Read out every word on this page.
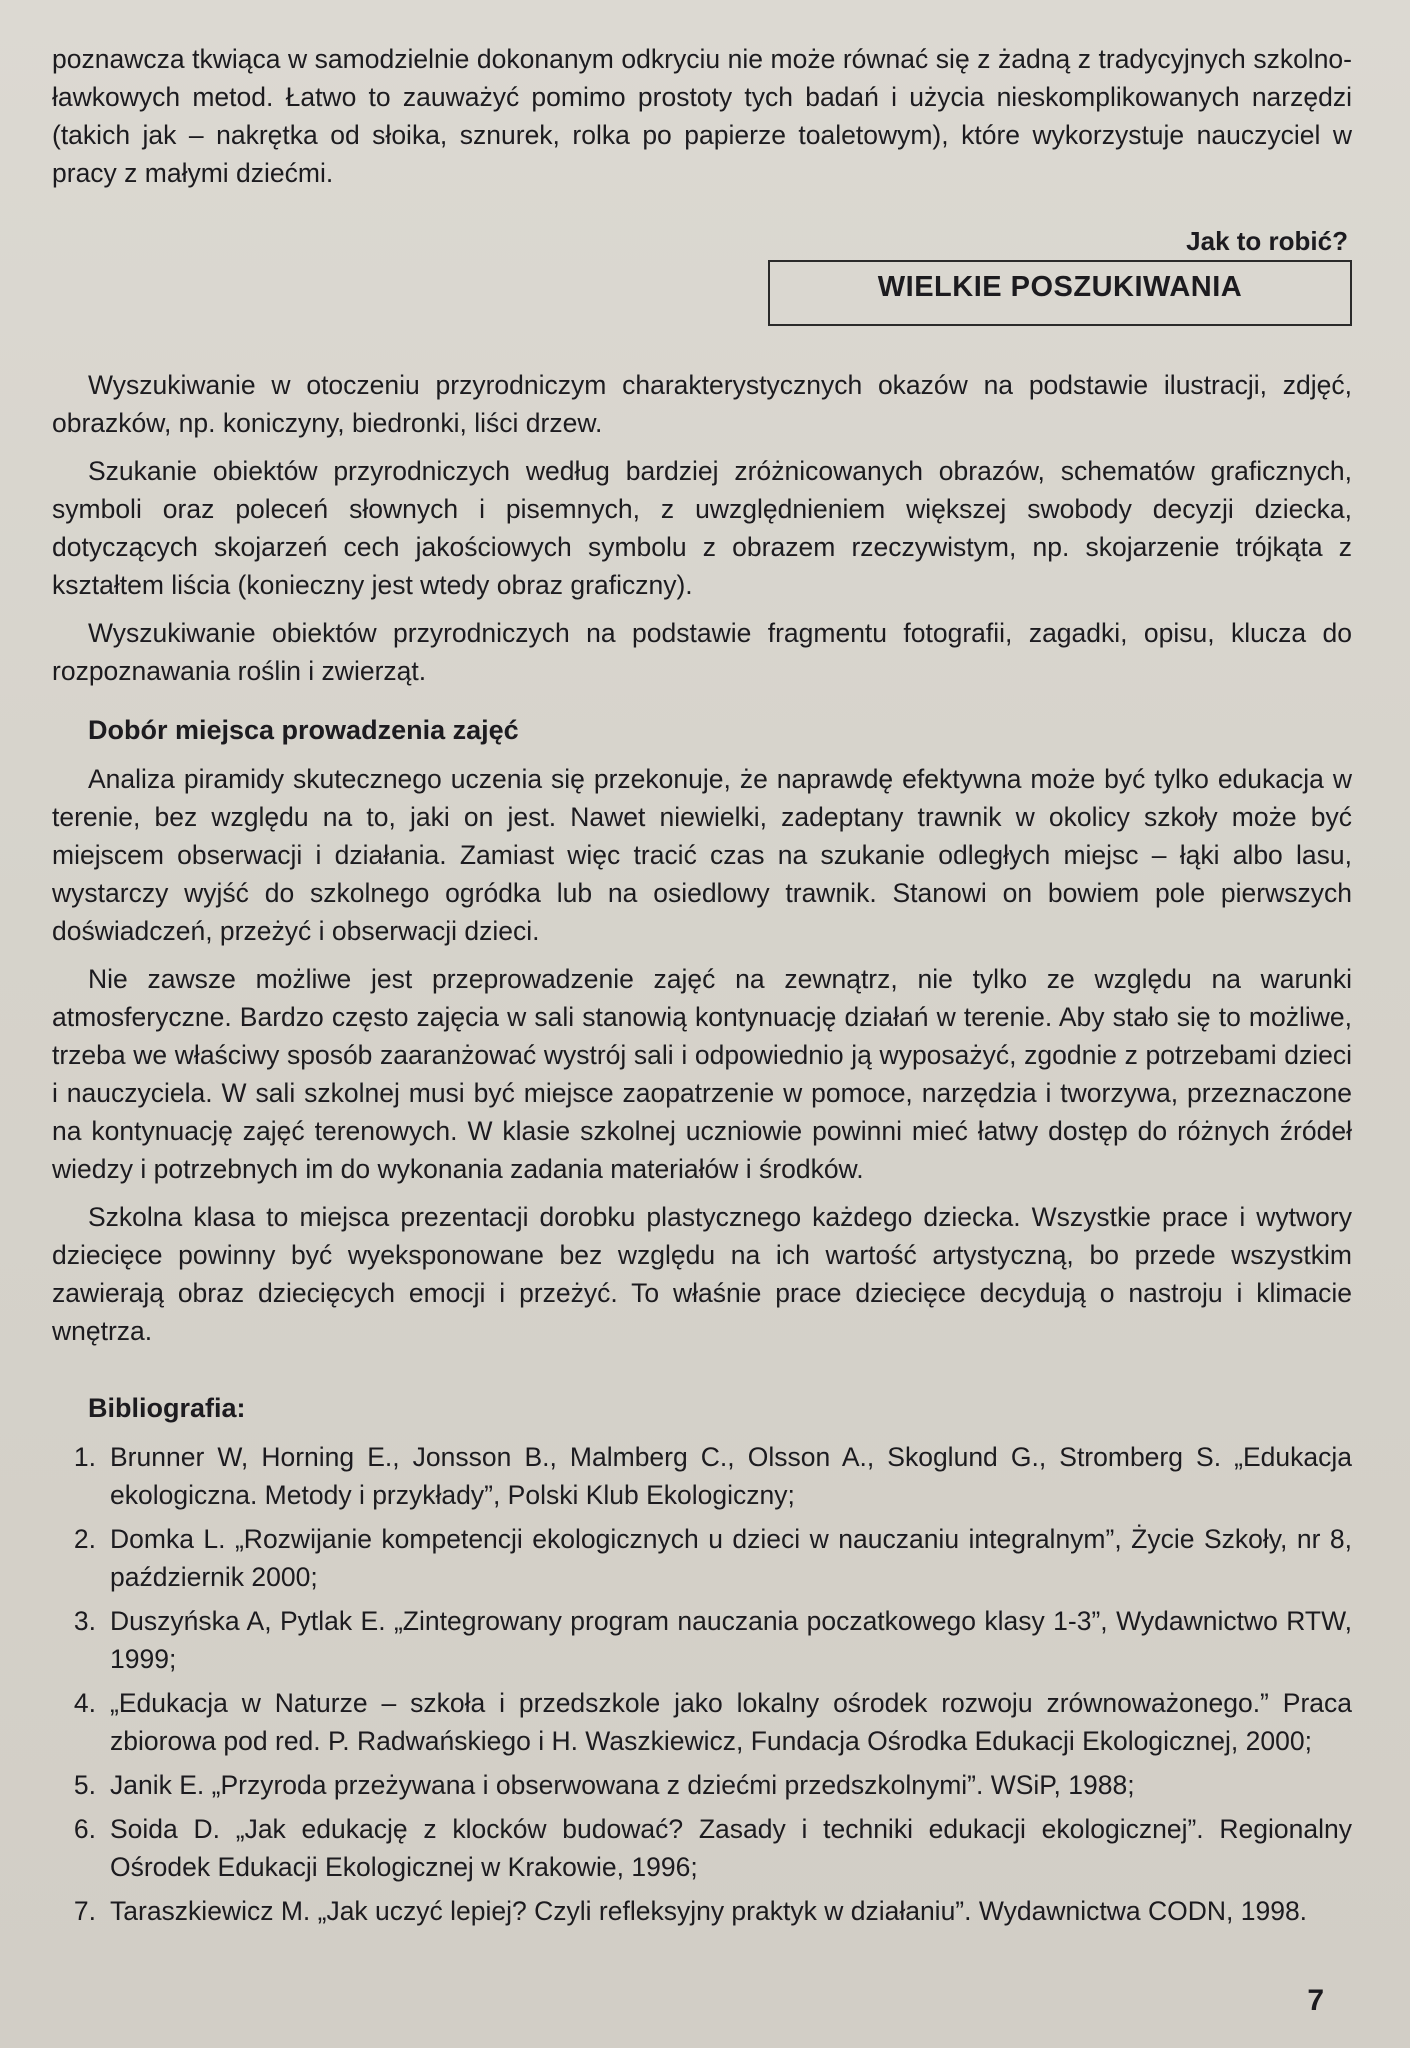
poznawcza tkwiąca w samodzielnie dokonanym odkryciu nie może równać się z żadną z tradycyjnych szkolno-ławkowych metod. Łatwo to zauważyć pomimo prostoty tych badań i użycia nieskomplikowanych narzędzi (takich jak – nakrętka od słoika, sznurek, rolka po papierze toaletowym), które wykorzystuje nauczyciel w pracy z małymi dziećmi.

Jak to robić?
WIELKIE POSZUKIWANIA

Wyszukiwanie w otoczeniu przyrodniczym charakterystycznych okazów na podstawie ilustracji, zdjęć, obrazków, np. koniczyny, biedronki, liści drzew.

Szukanie obiektów przyrodniczych według bardziej zróżnicowanych obrazów, schematów graficznych, symboli oraz poleceń słownych i pisemnych, z uwzględnieniem większej swobody decyzji dziecka, dotyczących skojarzeń cech jakościowych symbolu z obrazem rzeczywistym, np. skojarzenie trójkąta z kształtem liścia (konieczny jest wtedy obraz graficzny).

Wyszukiwanie obiektów przyrodniczych na podstawie fragmentu fotografii, zagadki, opisu, klucza do rozpoznawania roślin i zwierząt.

Dobór miejsca prowadzenia zajęć

Analiza piramidy skutecznego uczenia się przekonuje, że naprawdę efektywna może być tylko edukacja w terenie, bez względu na to, jaki on jest. Nawet niewielki, zadeptany trawnik w okolicy szkoły może być miejscem obserwacji i działania. Zamiast więc tracić czas na szukanie odległych miejsc – łąki albo lasu, wystarczy wyjść do szkolnego ogródka lub na osiedlowy trawnik. Stanowi on bowiem pole pierwszych doświadczeń, przeżyć i obserwacji dzieci.

Nie zawsze możliwe jest przeprowadzenie zajęć na zewnątrz, nie tylko ze względu na warunki atmosferyczne. Bardzo często zajęcia w sali stanowią kontynuację działań w terenie. Aby stało się to możliwe, trzeba we właściwy sposób zaaranżować wystrój sali i odpowiednio ją wyposażyć, zgodnie z potrzebami dzieci i nauczyciela. W sali szkolnej musi być miejsce zaopatrzenie w pomoce, narzędzia i tworzywa, przeznaczone na kontynuację zajęć terenowych. W klasie szkolnej uczniowie powinni mieć łatwy dostęp do różnych źródeł wiedzy i potrzebnych im do wykonania zadania materiałów i środków.

Szkolna klasa to miejsca prezentacji dorobku plastycznego każdego dziecka. Wszystkie prace i wytwory dziecięce powinny być wyeksponowane bez względu na ich wartość artystyczną, bo przede wszystkim zawierają obraz dziecięcych emocji i przeżyć. To właśnie prace dziecięce decydują o nastroju i klimacie wnętrza.

Bibliografia:
1. Brunner W, Horning E., Jonsson B., Malmberg C., Olsson A., Skoglund G., Stromberg S. „Edukacja ekologiczna. Metody i przykłady”, Polski Klub Ekologiczny;
2. Domka L. „Rozwijanie kompetencji ekologicznych u dzieci w nauczaniu integralnym”, Życie Szkoły, nr 8, październik 2000;
3. Duszyńska A, Pytlak E. „Zintegrowany program nauczania poczatkowego klasy 1-3”, Wydawnictwo RTW, 1999;
4. „Edukacja w Naturze – szkoła i przedszkole jako lokalny ośrodek rozwoju zrównoważonego.” Praca zbiorowa pod red. P. Radwańskiego i H. Waszkiewicz, Fundacja Ośrodka Edukacji Ekologicznej, 2000;
5. Janik E. „Przyroda przeżywana i obserwowana z dziećmi przedszkolnymi”. WSiP, 1988;
6. Soida D. „Jak edukację z klocków budować? Zasady i techniki edukacji ekologicznej”. Regionalny Ośrodek Edukacji Ekologicznej w Krakowie, 1996;
7. Taraszkiewicz M. „Jak uczyć lepiej? Czyli refleksyjny praktyk w działaniu”. Wydawnictwa CODN, 1998.
7
